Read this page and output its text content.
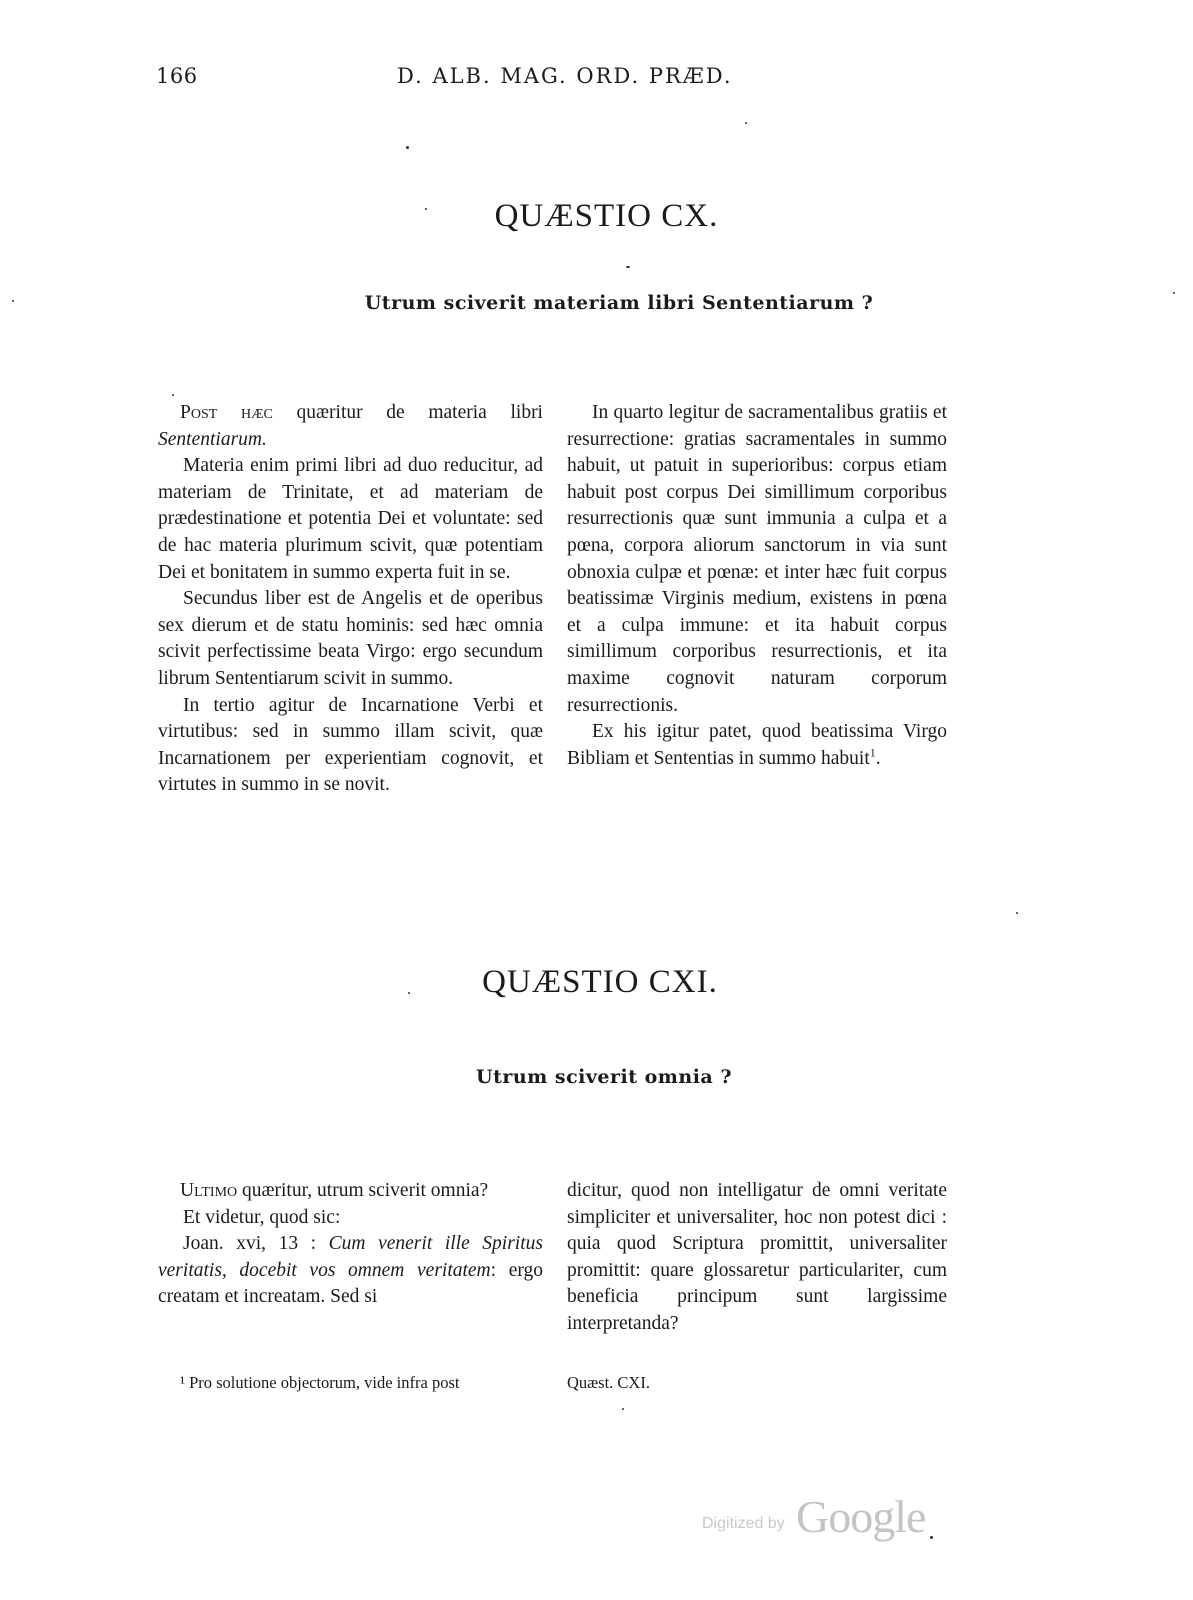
166	D. ALB. MAG. ORD. PRÆD.
QUÆSTIO CX.
Utrum sciverit materiam libri Sententiarum ?

Post hæc quæritur de materia libri Sententiarum.

Materia enim primi libri ad duo reducitur, ad materiam de Trinitate, et ad materiam de prædestinatione et potentia Dei et voluntate: sed de hac materia plurimum scivit, quæ potentiam Dei et bonitatem in summo experta fuit in se.

Secundus liber est de Angelis et de operibus sex dierum et de statu hominis: sed hæc omnia scivit perfectissime beata Virgo: ergo secundum librum Sententiarum scivit in summo.

In tertio agitur de Incarnatione Verbi et virtutibus: sed in summo illam scivit, quæ Incarnationem per experientiam cognovit, et virtutes in summo in se novit.

In quarto legitur de sacramentalibus gratiis et resurrectione: gratias sacramentales in summo habuit, ut patuit in superioribus: corpus etiam habuit post corpus Dei simillimum corporibus resurrectionis quæ sunt immunia a culpa et a pœna, corpora aliorum sanctorum in via sunt obnoxia culpæ et pœnæ: et inter hæc fuit corpus beatissimæ Virginis medium, existens in pœna et a culpa immune: et ita habuit corpus simillimum corporibus resurrectionis, et ita maxime cognovit naturam corporum resurrectionis.

Ex his igitur patet, quod beatissima Virgo Bibliam et Sententias in summo habuit$^1$.

QUÆSTIO CXI.
Utrum sciverit omnia ?

Ultimo quæritur, utrum sciverit omnia?

Et videtur, quod sic:

Joan. xvi, 13 : Cum venerit ille Spiritus veritatis, docebit vos omnem veritatem: ergo creatam et increatam. Sed si

dicitur, quod non intelligatur de omni veritate simpliciter et universaliter, hoc non potest dici : quia quod Scriptura promittit, universaliter promittit: quare glossaretur particulariter, cum beneficia principum sunt largissime interpretanda?

¹ Pro solutione objectorum, vide infra post	Quæst. CXI.
Digitized by Google
